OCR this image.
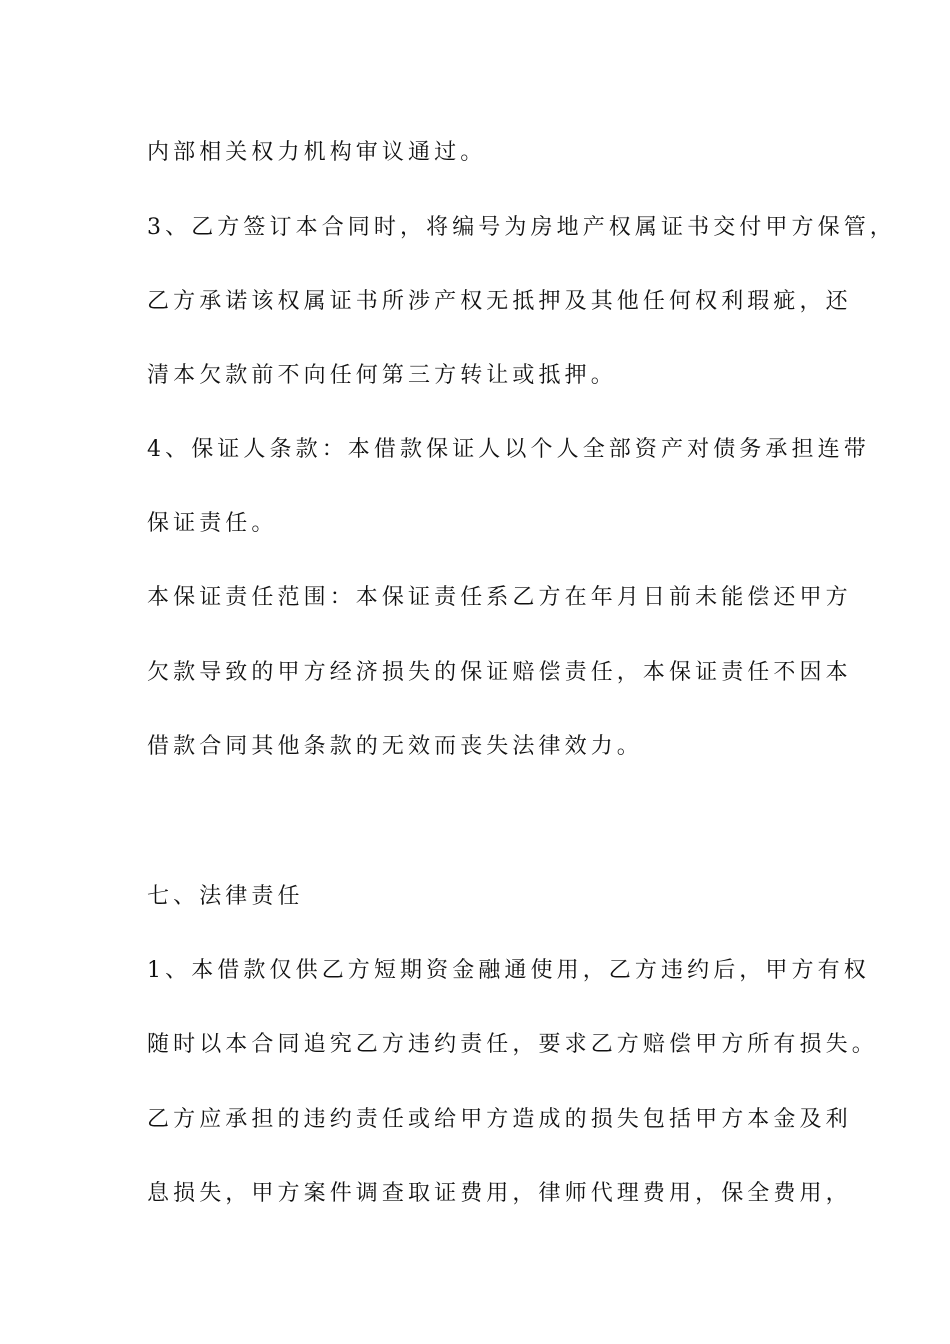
内部相关权力机构审议通过。
3、乙方签订本合同时，将编号为房地产权属证书交付甲方保管，
乙方承诺该权属证书所涉产权无抵押及其他任何权利瑕疵，还
清本欠款前不向任何第三方转让或抵押。
4、保证人条款：本借款保证人以个人全部资产对债务承担连带
保证责任。
本保证责任范围：本保证责任系乙方在年月日前未能偿还甲方
欠款导致的甲方经济损失的保证赔偿责任，本保证责任不因本
借款合同其他条款的无效而丧失法律效力。
七、法律责任
1、本借款仅供乙方短期资金融通使用，乙方违约后，甲方有权
随时以本合同追究乙方违约责任，要求乙方赔偿甲方所有损失。
乙方应承担的违约责任或给甲方造成的损失包括甲方本金及利
息损失，甲方案件调查取证费用，律师代理费用，保全费用，
